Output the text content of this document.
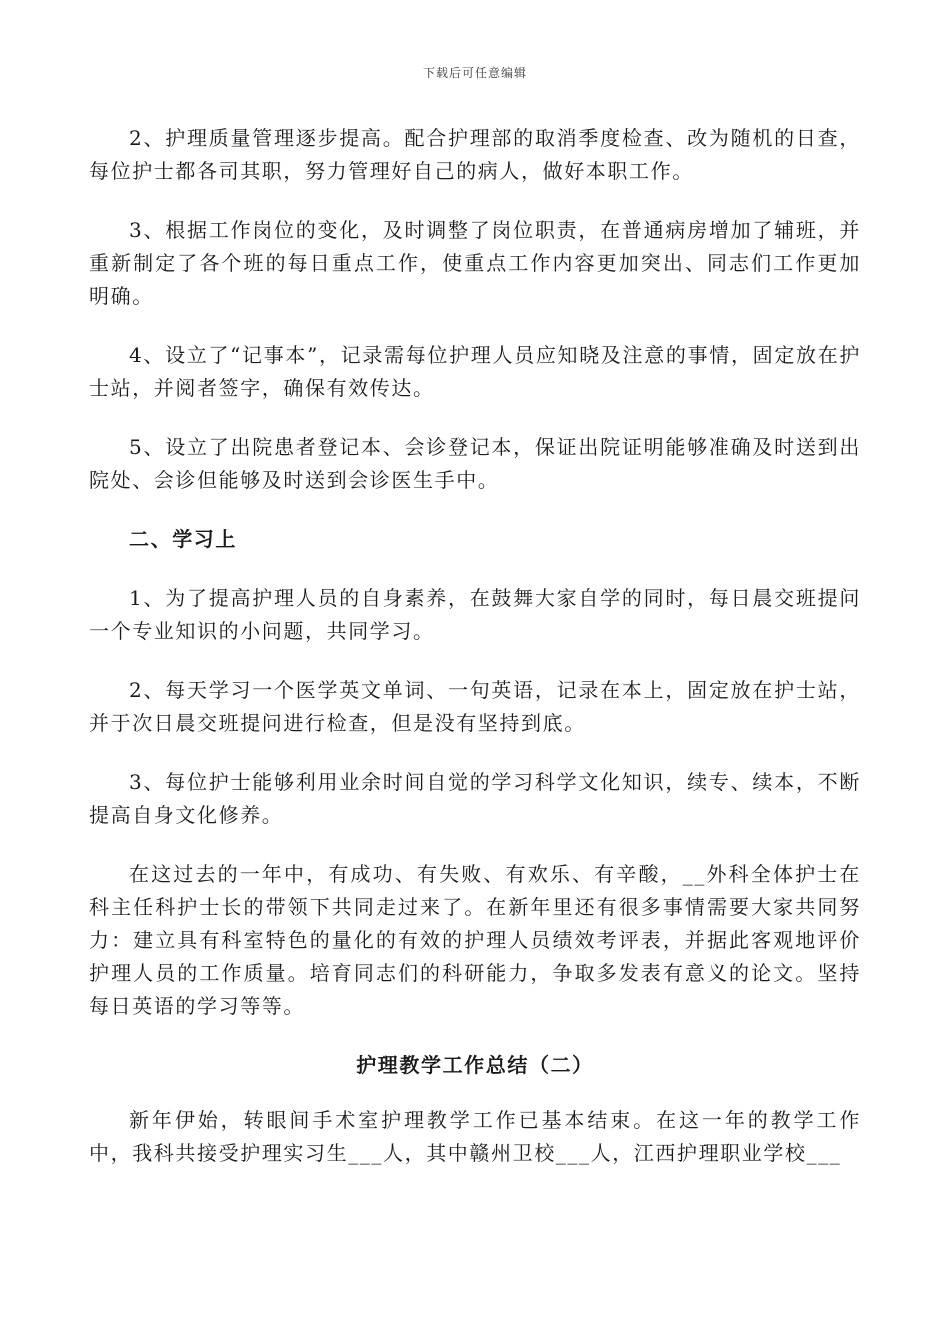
下载后可任意编辑

2、护理质量管理逐步提高。配合护理部的取消季度检查、改为随机的日查，每位护士都各司其职，努力管理好自己的病人，做好本职工作。

3、根据工作岗位的变化，及时调整了岗位职责，在普通病房增加了辅班，并重新制定了各个班的每日重点工作，使重点工作内容更加突出、同志们工作更加明确。

4、设立了“记事本”，记录需每位护理人员应知晓及注意的事情，固定放在护士站，并阅者签字，确保有效传达。

5、设立了出院患者登记本、会诊登记本，保证出院证明能够准确及时送到出院处、会诊但能够及时送到会诊医生手中。

二、学习上

1、为了提高护理人员的自身素养，在鼓舞大家自学的同时，每日晨交班提问一个专业知识的小问题，共同学习。

2、每天学习一个医学英文单词、一句英语，记录在本上，固定放在护士站，并于次日晨交班提问进行检查，但是没有坚持到底。

3、每位护士能够利用业余时间自觉的学习科学文化知识，续专、续本，不断提高自身文化修养。

在这过去的一年中，有成功、有失败、有欢乐、有辛酸，__外科全体护士在科主任科护士长的带领下共同走过来了。在新年里还有很多事情需要大家共同努力：建立具有科室特色的量化的有效的护理人员绩效考评表，并据此客观地评价护理人员的工作质量。培育同志们的科研能力，争取多发表有意义的论文。坚持每日英语的学习等等。

护理教学工作总结（二）

新年伊始，转眼间手术室护理教学工作已基本结束。在这一年的教学工作中，我科共接受护理实习生___人，其中赣州卫校___人，江西护理职业学校___
